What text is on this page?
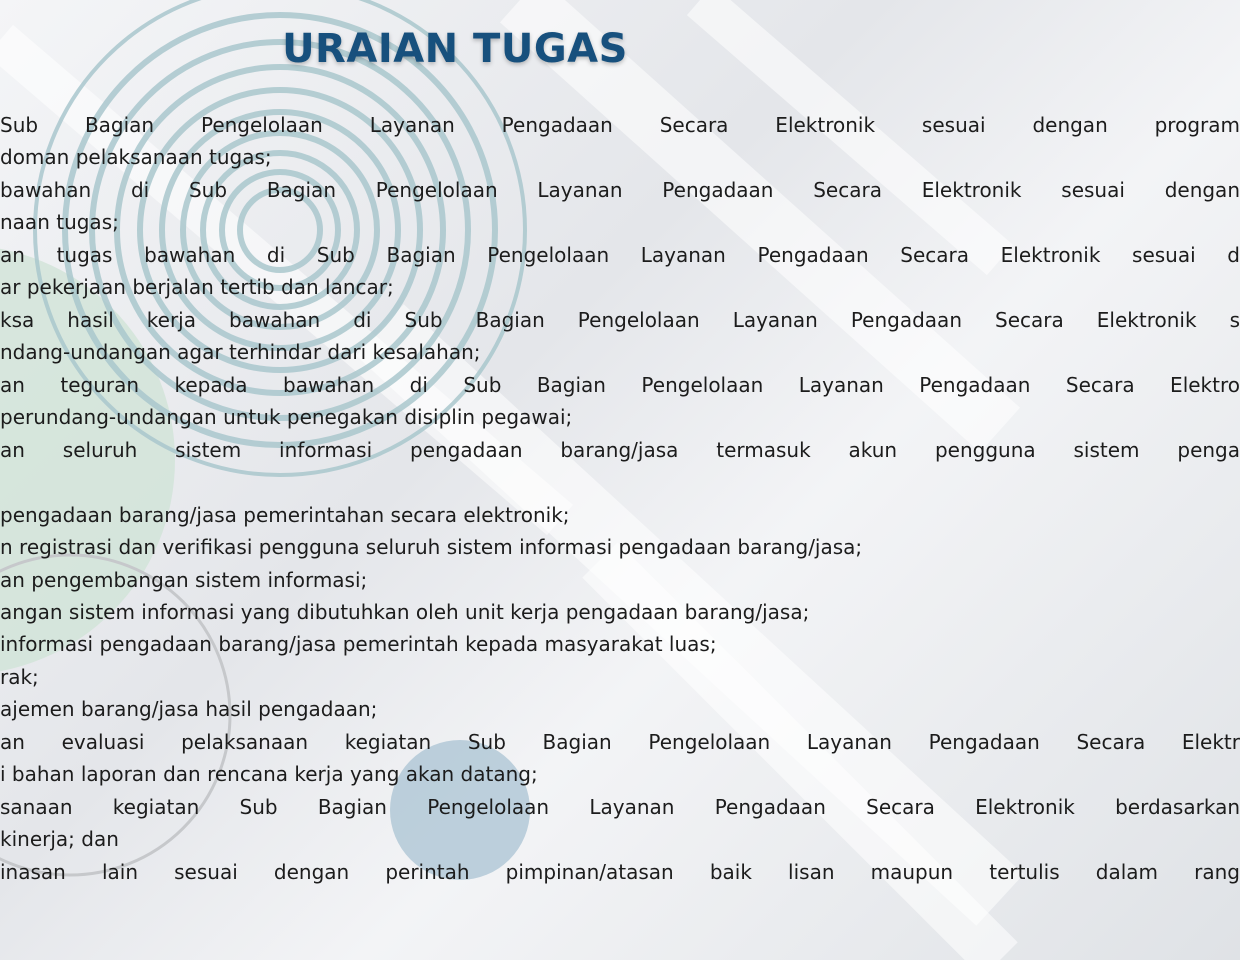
URAIAN TUGAS
Sub Bagian Pengelolaan Layanan Pengadaan Secara Elektronik sesuai dengan program
doman pelaksanaan tugas;
bawahan di Sub Bagian Pengelolaan Layanan Pengadaan Secara Elektronik sesuai dengan
naan tugas;
an tugas bawahan di Sub Bagian Pengelolaan Layanan Pengadaan Secara Elektronik sesuai d
ar pekerjaan berjalan tertib dan lancar;
ksa hasil kerja bawahan di Sub Bagian Pengelolaan Layanan Pengadaan Secara Elektronik s
ndang-undangan agar terhindar dari kesalahan;
an teguran kepada bawahan di Sub Bagian Pengelolaan Layanan Pengadaan Secara Elektro
perundang-undangan untuk penegakan disiplin pegawai;
an seluruh sistem informasi pengadaan barang/jasa termasuk akun pengguna sistem penga
pengadaan barang/jasa pemerintahan secara elektronik;
n registrasi dan verifikasi pengguna seluruh sistem informasi pengadaan barang/jasa;
an pengembangan sistem informasi;
angan sistem informasi yang dibutuhkan oleh unit kerja pengadaan barang/jasa;
informasi pengadaan barang/jasa pemerintah kepada masyarakat luas;
rak;
ajemen barang/jasa hasil pengadaan;
an evaluasi pelaksanaan kegiatan Sub Bagian Pengelolaan Layanan Pengadaan Secara Elektr
i bahan laporan dan rencana kerja yang akan datang;
sanaan kegiatan Sub Bagian Pengelolaan Layanan Pengadaan Secara Elektronik berdasarkan
kinerja; dan
inasan lain sesuai dengan perintah pimpinan/atasan baik lisan maupun tertulis dalam rang
